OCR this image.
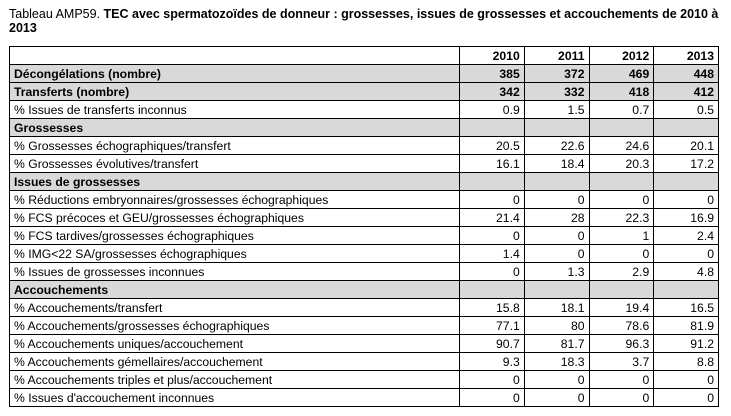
Tableau AMP59. TEC avec spermatozoïdes de donneur : grossesses, issues de grossesses et accouchements de 2010 à 2013
	2010	2011	2012	2013
Décongélations (nombre)	385	372	469	448
Transferts (nombre)	342	332	418	412
% Issues de transferts inconnus	0.9	1.5	0.7	0.5
Grossesses				
% Grossesses échographiques/transfert	20.5	22.6	24.6	20.1
% Grossesses évolutives/transfert	16.1	18.4	20.3	17.2
Issues de grossesses				
% Réductions embryonnaires/grossesses échographiques	0	0	0	0
% FCS précoces et GEU/grossesses échographiques	21.4	28	22.3	16.9
% FCS tardives/grossesses échographiques	0	0	1	2.4
% IMG<22 SA/grossesses échographiques	1.4	0	0	0
% Issues de grossesses inconnues	0	1.3	2.9	4.8
Accouchements				
% Accouchements/transfert	15.8	18.1	19.4	16.5
% Accouchements/grossesses échographiques	77.1	80	78.6	81.9
% Accouchements uniques/accouchement	90.7	81.7	96.3	91.2
% Accouchements gémellaires/accouchement	9.3	18.3	3.7	8.8
% Accouchements triples et plus/accouchement	0	0	0	0
% Issues d'accouchement inconnues	0	0	0	0
